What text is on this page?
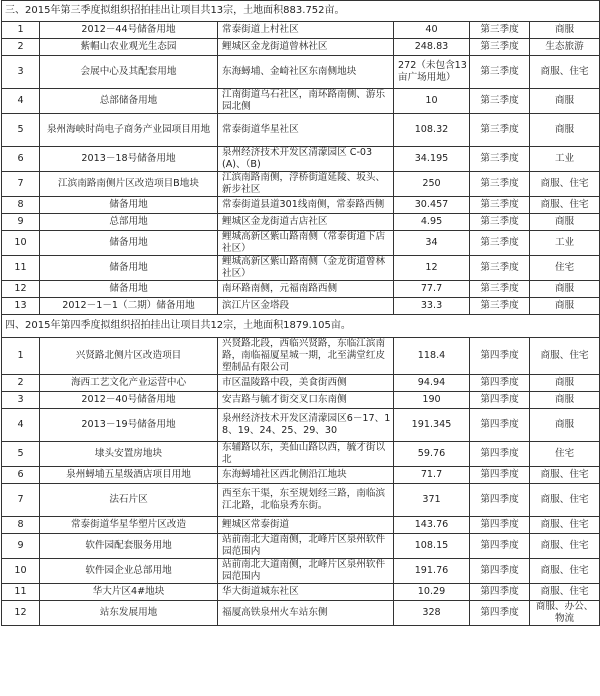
三、2015年第三季度拟组织招拍挂出让项目共13宗，土地面积883.752亩。					
1	2012－44号储备用地	常泰街道上村社区	40	第三季度	商服
2	紫帽山农业观光生态园	鲤城区金龙街道曾林社区	248.83	第三季度	生态旅游
3	会展中心及其配套用地	东海蟳埔、金崎社区东南侧地块	272（未包含13亩广场用地）	第三季度	商服、住宅
4	总部储备用地	江南街道乌石社区，南环路南侧、游乐园北侧	10	第三季度	商服
5	泉州海峡时尚电子商务产业园项目用地	常泰街道华星社区	108.32	第三季度	商服
6	2013－18号储备用地	泉州经济技术开发区清濛园区 C-03(A)、（B)	34.195	第三季度	工业
7	江滨南路南侧片区改造项目B地块	江滨南路南侧，浮桥街道延陵、坂头、新步社区	250	第三季度	商服、住宅
8	储备用地	常泰街道县道301线南侧，常泰路西侧	30.457	第三季度	商服、住宅
9	总部用地	鲤城区金龙街道古店社区	4.95	第三季度	商服
10	储备用地	鲤城高新区紫山路南侧（常泰街道下店社区）	34	第三季度	工业
11	储备用地	鲤城高新区紫山路南侧（金龙街道曾林社区）	12	第三季度	住宅
12	储备用地	南环路南侧，元福南路西侧	77.7	第三季度	商服
13	2012－1－1（二期）储备用地	滨江片区金塔段	33.3	第三季度	商服
四、2015年第四季度拟组织招拍挂出让项目共12宗，土地面积1879.105亩。					
1	兴贤路北侧片区改造项目	兴贤路北段，西临兴贤路，东临江滨南路，南临福厦星城一期，北至满堂红皮塑制品有限公司	118.4	第四季度	商服、住宅
2	海西工艺文化产业运营中心	市区温陵路中段，美食街西侧	94.94	第四季度	商服
3	2012－40号储备用地	安吉路与毓才街交叉口东南侧	190	第四季度	商服
4	2013－19号储备用地	泉州经济技术开发区清濛园区6－17、18、19、24、25、29、30	191.345	第四季度	商服
5	埭头安置房地块	东辅路以东，美仙山路以西，毓才街以北	59.76	第四季度	住宅
6	泉州蟳埔五星级酒店项目用地	东海蟳埔社区西北侧沿江地块	71.7	第四季度	商服、住宅
7	法石片区	西至东干渠，东至规划经三路，南临滨江北路，北临泉秀东街。	371	第四季度	商服、住宅
8	常泰街道华星华塑片区改造	鲤城区常泰街道	143.76	第四季度	商服、住宅
9	软件园配套服务用地	站前南北大道南侧，北峰片区泉州软件园范围内	108.15	第四季度	商服、住宅
10	软件园企业总部用地	站前南北大道南侧，北峰片区泉州软件园范围内	191.76	第四季度	商服、住宅
11	华大片区4#地块	华大街道城东社区	10.29	第四季度	商服、住宅
12	站东发展用地	福厦高铁泉州火车站东侧	328	第四季度	商服、办公、物流
